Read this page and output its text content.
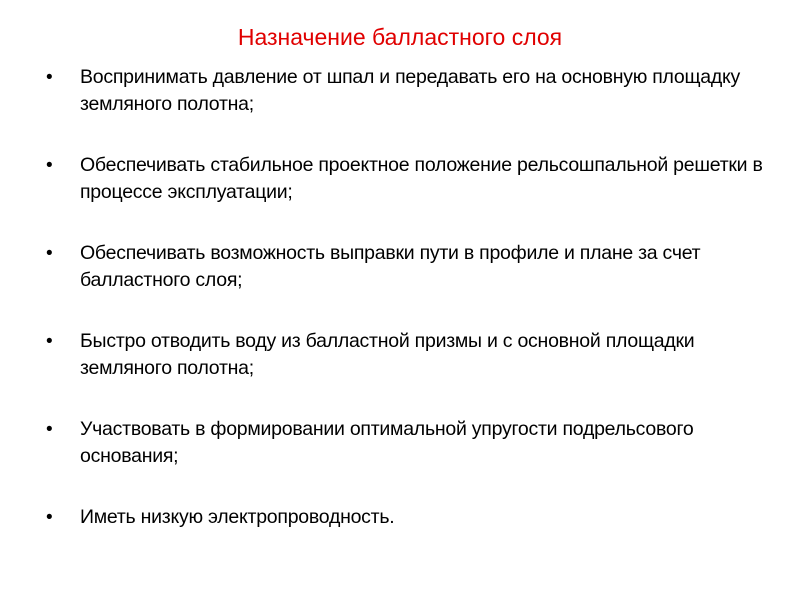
Назначение балластного слоя
• Воспринимать давление от шпал и передавать его на основную площадку земляного полотна;
• Обеспечивать стабильное проектное положение рельсошпальной решетки в процессе эксплуатации;
• Обеспечивать возможность выправки пути в профиле и плане за счет балластного слоя;
• Быстро отводить воду из балластной призмы и с основной площадки земляного полотна;
• Участвовать в формировании оптимальной упругости подрельсового основания;
• Иметь низкую электропроводность.
